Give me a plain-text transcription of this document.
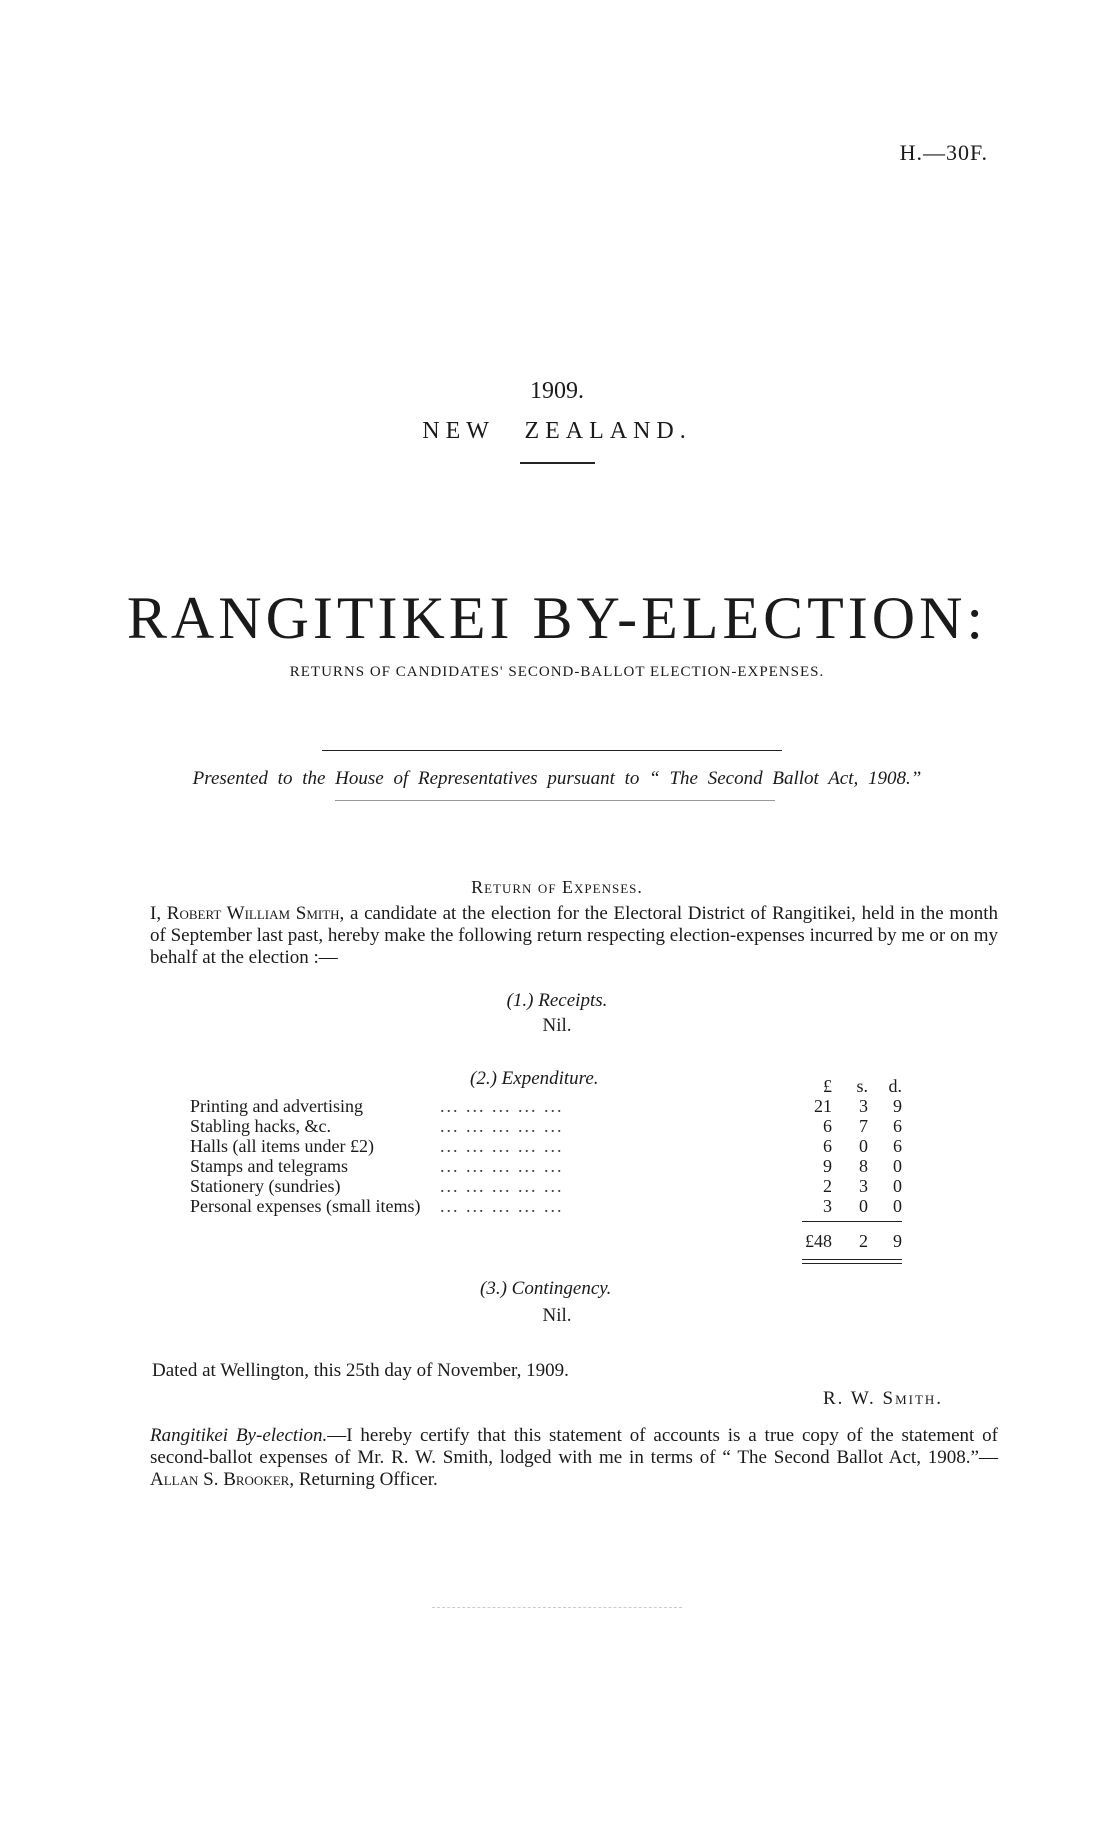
H.—30F.
1909.
NEW ZEALAND.
RANGITIKEI BY-ELECTION:
RETURNS OF CANDIDATES' SECOND-BALLOT ELECTION-EXPENSES.
Presented to the House of Representatives pursuant to “ The Second Ballot Act, 1908.”
Return of Expenses.
I, Robert William Smith, a candidate at the election for the Electoral District of Rangitikei, held in the month of September last past, hereby make the following return respecting election-expenses incurred by me or on my behalf at the election :—
(1.) Receipts.
Nil.
(2.) Expenditure.	£	s.	d.
Printing and advertising	... ... ... ... ...	21	3	9
Stabling hacks, &c.	... ... ... ... ...	6	7	6
Halls (all items under £2)	... ... ... ... ...	6	0	6
Stamps and telegrams	... ... ... ... ...	9	8	0
Stationery (sundries)	... ... ... ... ...	2	3	0
Personal expenses (small items) ... ... ... ... ...	3	0	0
£48	2	9
(3.) Contingency.
Nil.
Dated at Wellington, this 25th day of November, 1909.
R. W. Smith.
Rangitikei By-election.—I hereby certify that this statement of accounts is a true copy of the statement of second-ballot expenses of Mr. R. W. Smith, lodged with me in terms of “ The Second Ballot Act, 1908.”—Allan S. Brooker, Returning Officer.
